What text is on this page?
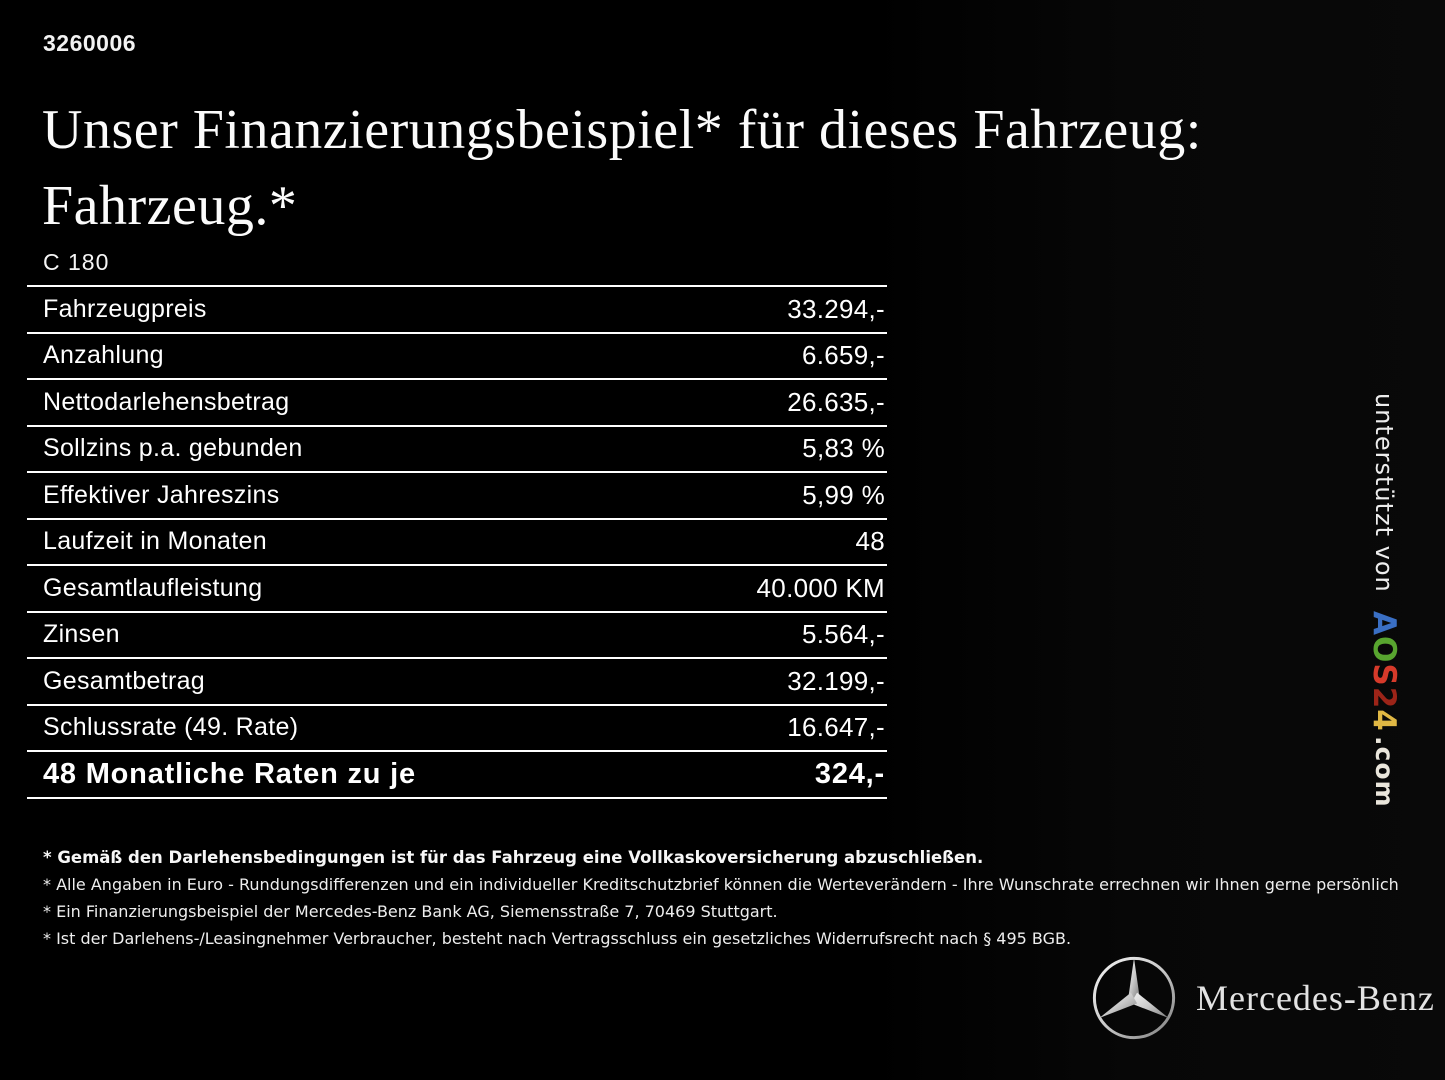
3260006
Unser Finanzierungsbeispiel* für dieses Fahrzeug:
Fahrzeug.*
C 180
Fahrzeugpreis	33.294,-
Anzahlung	6.659,-
Nettodarlehensbetrag	26.635,-
Sollzins p.a. gebunden	5,83 %
Effektiver Jahreszins	5,99 %
Laufzeit in Monaten	48
Gesamtlaufleistung	40.000 KM
Zinsen	5.564,-
Gesamtbetrag	32.199,-
Schlussrate (49. Rate)	16.647,-
48 Monatliche Raten zu je	324,-
* Gemäß den Darlehensbedingungen ist für das Fahrzeug eine Vollkaskoversicherung abzuschließen.
* Alle Angaben in Euro - Rundungsdifferenzen und ein individueller Kreditschutzbrief können die Werteverändern - Ihre Wunschrate errechnen wir Ihnen gerne persönlich
* Ein Finanzierungsbeispiel der Mercedes-Benz Bank AG, Siemensstraße 7, 70469 Stuttgart.
* Ist der Darlehens-/Leasingnehmer Verbraucher, besteht nach Vertragsschluss ein gesetzliches Widerrufsrecht nach § 495 BGB.
unterstützt vonAOS24.com
Mercedes-Benz
